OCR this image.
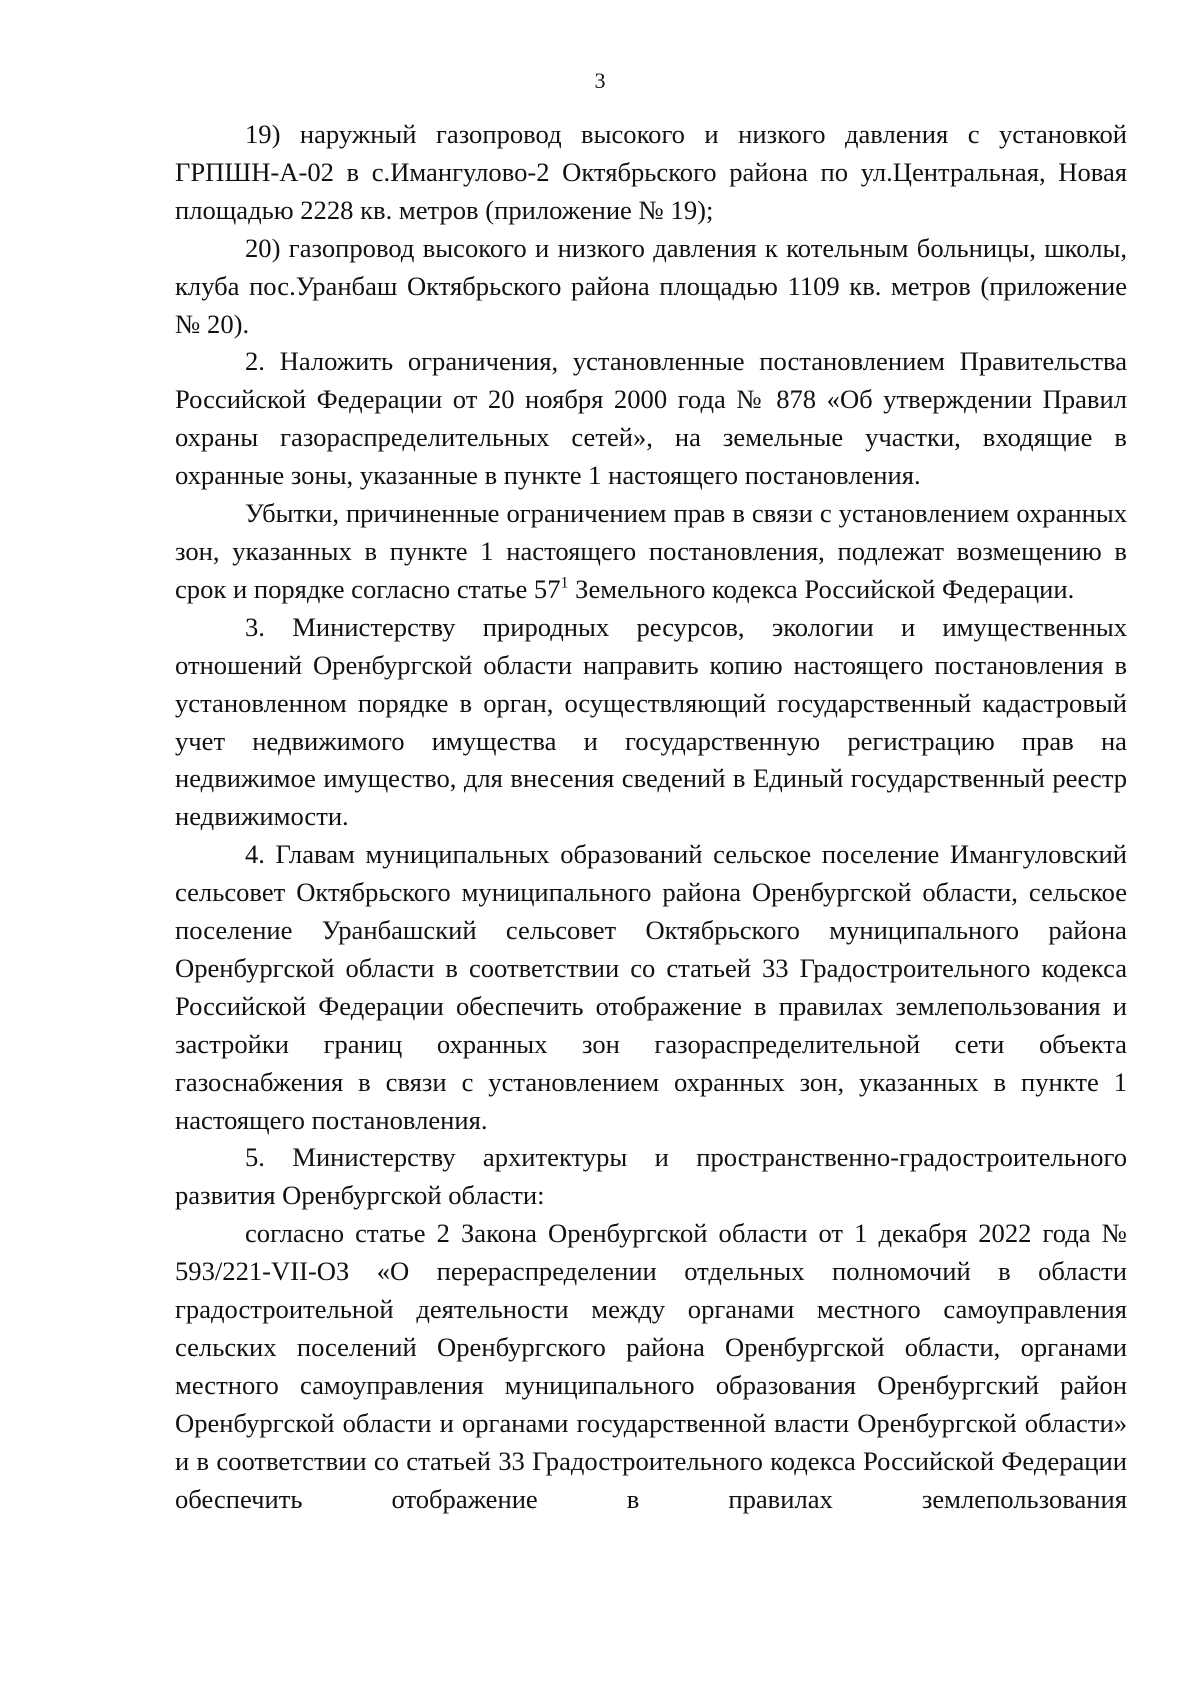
3

19) наружный газопровод высокого и низкого давления с установкой ГРПШН-А-02 в с.Имангулово-2 Октябрьского района по ул.Центральная, Новая площадью 2228 кв. метров (приложение № 19);

20) газопровод высокого и низкого давления к котельным больницы, школы, клуба пос.Уранбаш Октябрьского района площадью 1109 кв. метров (приложение № 20).

2. Наложить ограничения, установленные постановлением Правительства Российской Федерации от 20 ноября 2000 года № 878 «Об утверждении Правил охраны газораспределительных сетей», на земельные участки, входящие в охранные зоны, указанные в пункте 1 настоящего постановления.

Убытки, причиненные ограничением прав в связи с установлением охранных зон, указанных в пункте 1 настоящего постановления, подлежат возмещению в срок и порядке согласно статье $57^1$ Земельного кодекса Российской Федерации.

3. Министерству природных ресурсов, экологии и имущественных отношений Оренбургской области направить копию настоящего постановления в установленном порядке в орган, осуществляющий государственный кадастровый учет недвижимого имущества и государственную регистрацию прав на недвижимое имущество, для внесения сведений в Единый государственный реестр недвижимости.

4. Главам муниципальных образований сельское поселение Имангуловский сельсовет Октябрьского муниципального района Оренбургской области, сельское поселение Уранбашский сельсовет Октябрьского муниципального района Оренбургской области в соответствии со статьей 33 Градостроительного кодекса Российской Федерации обеспечить отображение в правилах землепользования и застройки границ охранных зон газораспределительной сети объекта газоснабжения в связи с установлением охранных зон, указанных в пункте 1 настоящего постановления.

5. Министерству архитектуры и пространственно-градостроительного развития Оренбургской области:

согласно статье 2 Закона Оренбургской области от 1 декабря 2022 года № 593/221-VII-ОЗ «О перераспределении отдельных полномочий в области градостроительной деятельности между органами местного самоуправления сельских поселений Оренбургского района Оренбургской области, органами местного самоуправления муниципального образования Оренбургский район Оренбургской области и органами государственной власти Оренбургской области» и в соответствии со статьей 33 Градостроительного кодекса Российской Федерации обеспечить отображение в правилах землепользования
